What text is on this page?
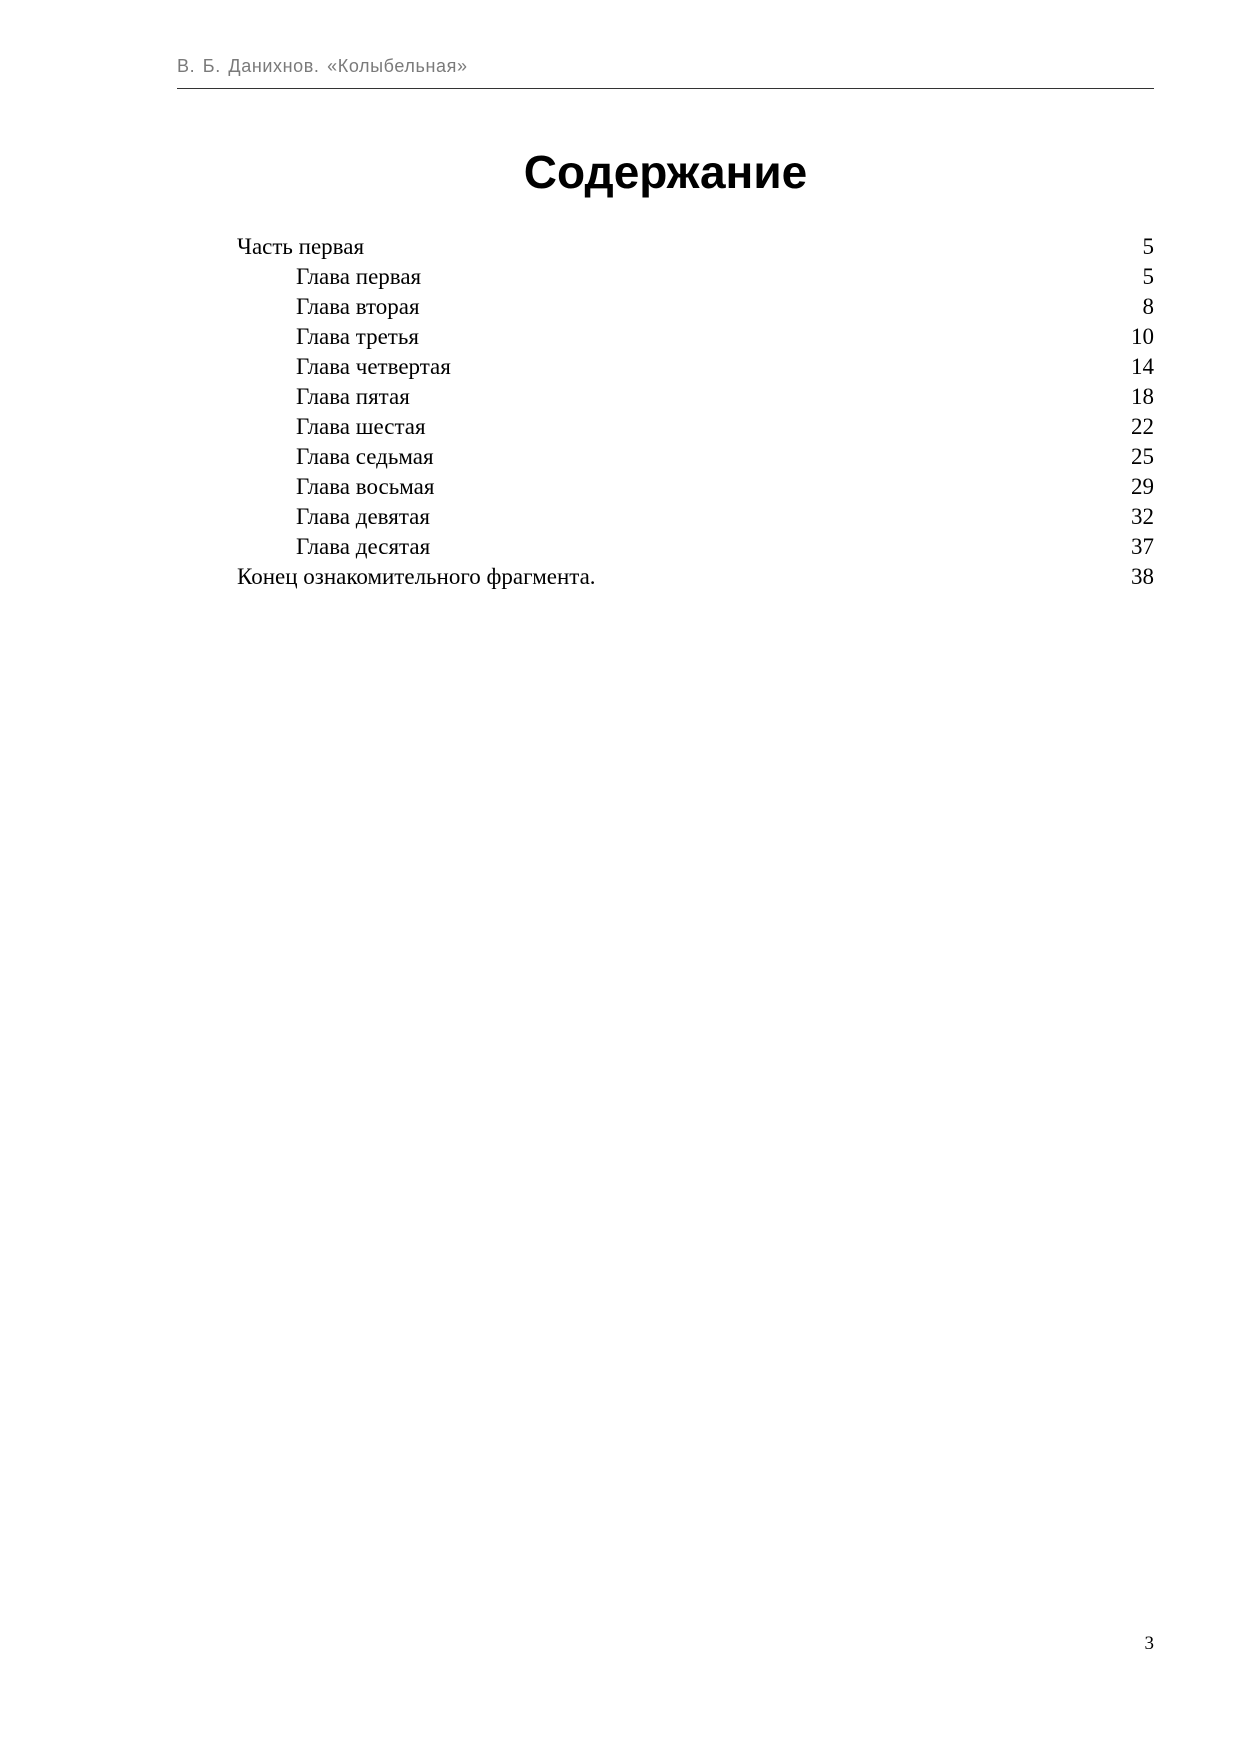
В. Б. Данихнов. «Колыбельная»
Содержание
Часть первая	5
Глава первая	5
Глава вторая	8
Глава третья	10
Глава четвертая	14
Глава пятая	18
Глава шестая	22
Глава седьмая	25
Глава восьмая	29
Глава девятая	32
Глава десятая	37
Конец ознакомительного фрагмента.	38
3
